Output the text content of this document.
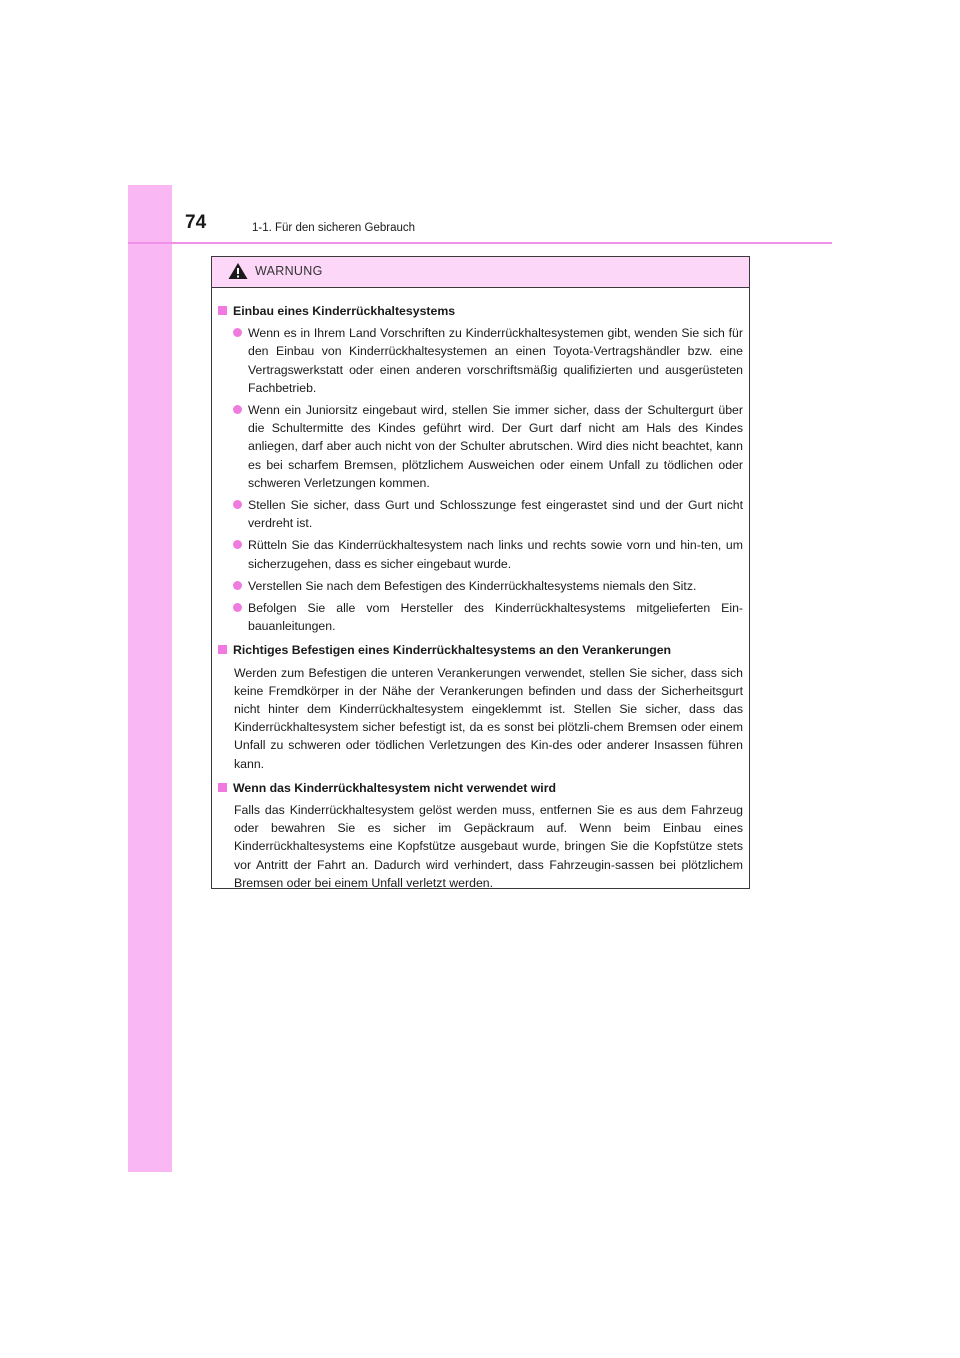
74	1-1. Für den sicheren Gebrauch
WARNUNG
Einbau eines Kinderrückhaltesystems
Wenn es in Ihrem Land Vorschriften zu Kinderrückhaltesystemen gibt, wenden Sie sich für den Einbau von Kinderrückhaltesystemen an einen Toyota-Vertragshändler bzw. eine Vertragswerkstatt oder einen anderen vorschriftsmäßig qualifizierten und ausgerüsteten Fachbetrieb.
Wenn ein Juniorsitz eingebaut wird, stellen Sie immer sicher, dass der Schultergurt über die Schultermitte des Kindes geführt wird. Der Gurt darf nicht am Hals des Kindes anliegen, darf aber auch nicht von der Schulter abrutschen. Wird dies nicht beachtet, kann es bei scharfem Bremsen, plötzlichem Ausweichen oder einem Unfall zu tödlichen oder schweren Verletzungen kommen.
Stellen Sie sicher, dass Gurt und Schlosszunge fest eingerastet sind und der Gurt nicht verdreht ist.
Rütteln Sie das Kinderrückhaltesystem nach links und rechts sowie vorn und hin-ten, um sicherzugehen, dass es sicher eingebaut wurde.
Verstellen Sie nach dem Befestigen des Kinderrückhaltesystems niemals den Sitz.
Befolgen Sie alle vom Hersteller des Kinderrückhaltesystems mitgelieferten Ein-bauanleitungen.
Richtiges Befestigen eines Kinderrückhaltesystems an den Verankerungen
Werden zum Befestigen die unteren Verankerungen verwendet, stellen Sie sicher, dass sich keine Fremdkörper in der Nähe der Verankerungen befinden und dass der Sicherheitsgurt nicht hinter dem Kinderrückhaltesystem eingeklemmt ist. Stellen Sie sicher, dass das Kinderrückhaltesystem sicher befestigt ist, da es sonst bei plötzli-chem Bremsen oder einem Unfall zu schweren oder tödlichen Verletzungen des Kin-des oder anderer Insassen führen kann.
Wenn das Kinderrückhaltesystem nicht verwendet wird
Falls das Kinderrückhaltesystem gelöst werden muss, entfernen Sie es aus dem Fahrzeug oder bewahren Sie es sicher im Gepäckraum auf. Wenn beim Einbau eines Kinderrückhaltesystems eine Kopfstütze ausgebaut wurde, bringen Sie die Kopfstütze stets vor Antritt der Fahrt an. Dadurch wird verhindert, dass Fahrzeugin-sassen bei plötzlichem Bremsen oder bei einem Unfall verletzt werden.
